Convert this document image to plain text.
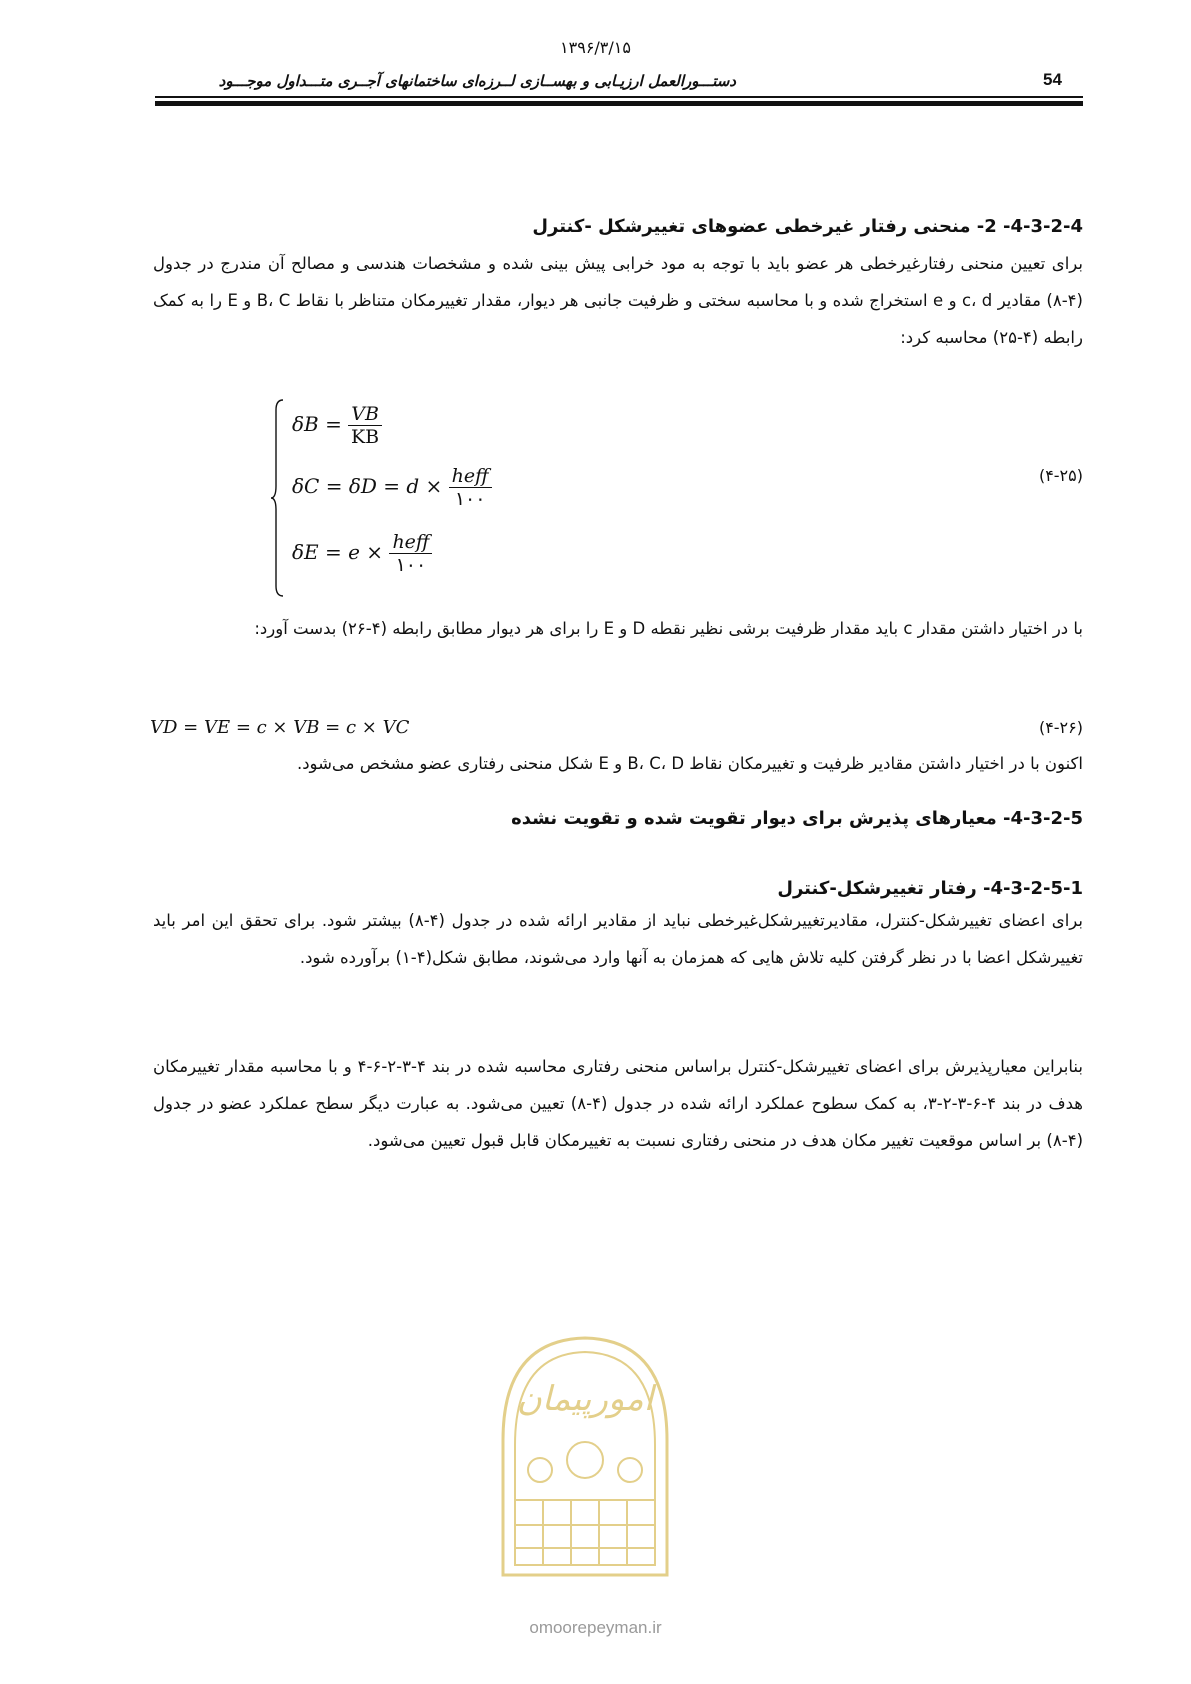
۱۳۹۶/۳/۱۵
دستـــورالعمل ارزیـابی و بهســازی لــرزه‌ای ساختمانهای آجــری متـــداول موجـــود	54
4-3-2-4- 2- منحنی رفتار غیرخطی عضوهای تغییرشکل -کنترل
برای تعیین منحنی رفتارغیرخطی هر عضو باید با توجه به مود خرابی پیش بینی شده و مشخصات هندسی و مصالح آن مندرج در جدول (۴-۸) مقادیر c، d و e استخراج شده و با محاسبه سختی و ظرفیت جانبی هر دیوار، مقدار تغییرمکان متناظر با نقاط B، C و E را به کمک رابطه (۴-۲۵) محاسبه کرد:
$\delta B = \frac{VB}{KB}$
$\delta C = \delta D = d \times \frac{\text{heff}}{۱۰۰}$
$\delta E = e \times \frac{\text{heff}}{۱۰۰}$
(۴-۲۵)
با در اختیار داشتن مقدار c باید مقدار ظرفیت برشی نظیر نقطه D و E را برای هر دیوار مطابق رابطه (۴-۲۶) بدست آورد:
VD = VE = c × VB = c × VC	(۴-۲۶)
اکنون با در اختیار داشتن مقادیر ظرفیت و تغییرمکان نقاط B، C، D و E شکل منحنی رفتاری عضو مشخص می‌شود.
4-3-2-5- معیارهای پذیرش برای دیوار تقویت شده و تقویت نشده
4-3-2-5-1- رفتار تغییرشکل-کنترل
برای اعضای تغییرشکل-کنترل، مقادیرتغییرشکل‌غیرخطی نباید از مقادیر ارائه شده در جدول (۴-۸) بیشتر شود. برای تحقق این امر باید تغییرشکل اعضا با در نظر گرفتن کلیه تلاش هایی که همزمان به آنها وارد می‌شوند، مطابق شکل(۴-۱) برآورده شود.
بنابراین معیارپذیرش برای اعضای تغییرشکل-کنترل براساس منحنی رفتاری محاسبه شده در بند ۴-۳-۲-۶-۴ و با محاسبه مقدار تغییرمکان هدف در بند ۴-۶-۳-۲-۳، به کمک سطوح عملکرد ارائه شده در جدول (۴-۸) تعیین می‌شود. به عبارت دیگر سطح عملکرد عضو در جدول (۴-۸) بر اساس موقعیت تغییر مکان هدف در منحنی رفتاری نسبت به تغییرمکان قابل قبول تعیین می‌شود.
امورپیمان
omoorepeyman.ir
